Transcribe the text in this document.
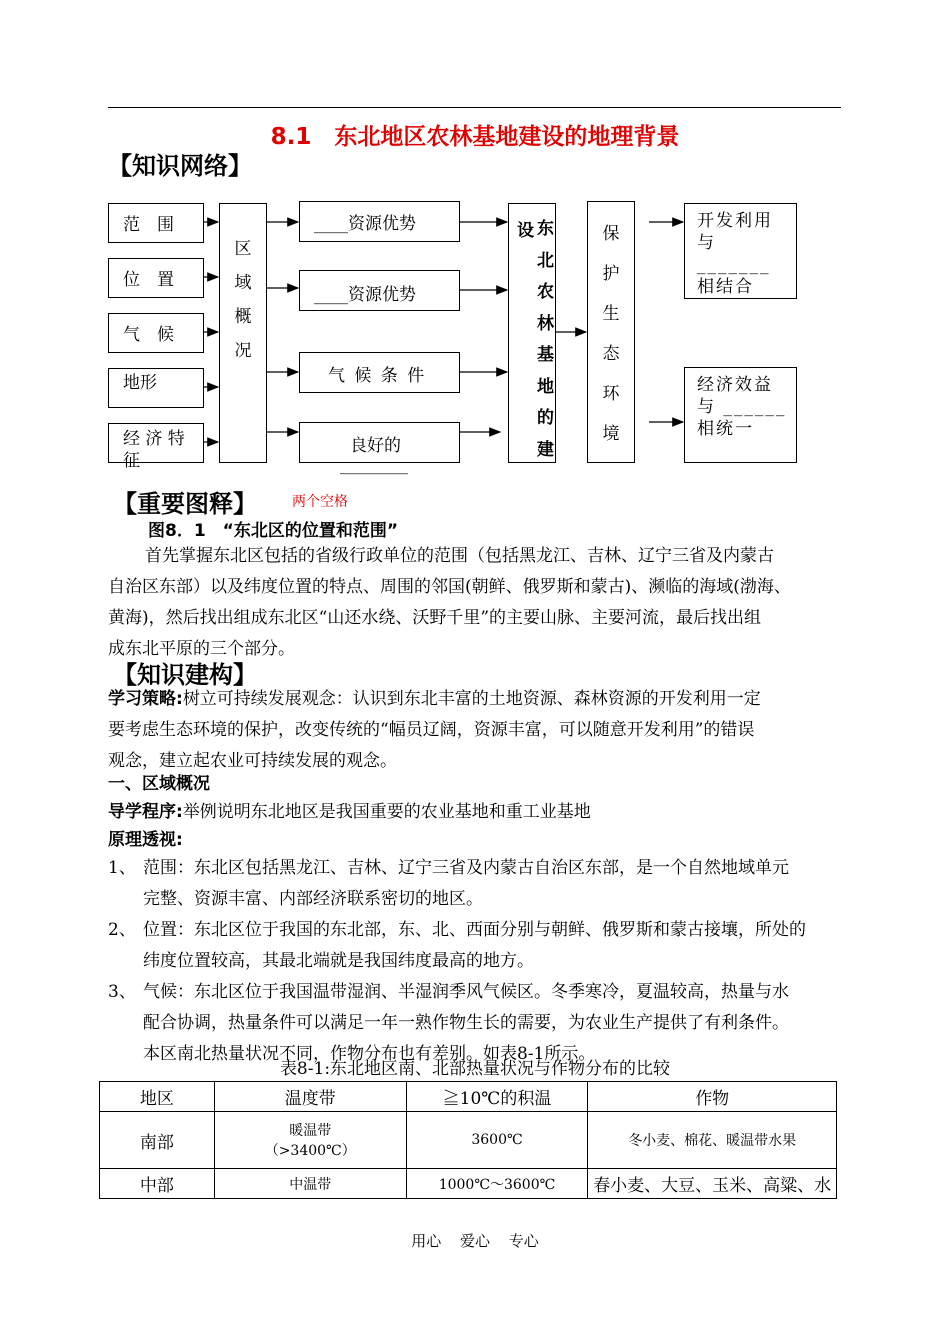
8.1　东北地区农林基地建设的地理背景
【知识网络】
范　围
位　置
气　候
地形
经 济 特征
区
域
概
况
____资源优势
____资源优势
气 候 条 件
良好的
________
设 东
北
农
林
基
地
的
建
保
护
生
态
环
境
开发利用与
_______
相结合
经济效益
与 ______
相统一
【重要图释】	两个空格
图8．1　“东北区的位置和范围”
首先掌握东北区包括的省级行政单位的范围（包括黑龙江、吉林、辽宁三省及内蒙古
自治区东部）以及纬度位置的特点、周围的邻国(朝鲜、俄罗斯和蒙古)、濒临的海域(渤海、
黄海)，然后找出组成东北区“山还水绕、沃野千里”的主要山脉、主要河流，最后找出组
成东北平原的三个部分。
【知识建构】
学习策略:树立可持续发展观念：认识到东北丰富的土地资源、森林资源的开发利用一定
要考虑生态环境的保护，改变传统的“幅员辽阔，资源丰富，可以随意开发利用”的错误
观念，建立起农业可持续发展的观念。
一、区域概况
导学程序:举例说明东北地区是我国重要的农业基地和重工业基地
原理透视:
1、 范围：东北区包括黑龙江、吉林、辽宁三省及内蒙古自治区东部，是一个自然地域单元
完整、资源丰富、内部经济联系密切的地区。
2、 位置：东北区位于我国的东北部，东、北、西面分别与朝鲜、俄罗斯和蒙古接壤，所处的
纬度位置较高，其最北端就是我国纬度最高的地方。
3、 气候：东北区位于我国温带湿润、半湿润季风气候区。冬季寒冷，夏温较高，热量与水
配合协调，热量条件可以满足一年一熟作物生长的需要，为农业生产提供了有利条件。
本区南北热量状况不同，作物分布也有差别。如表8-1所示。
表8-1:东北地区南、北部热量状况与作物分布的比较
地区	温度带	≧10℃的积温	作物
南部	暖温带
（>3400℃）	3600℃	冬小麦、棉花、暖温带水果
中部	中温带	1000℃～3600℃	春小麦、大豆、玉米、高粱、水
用心 爱心 专心
